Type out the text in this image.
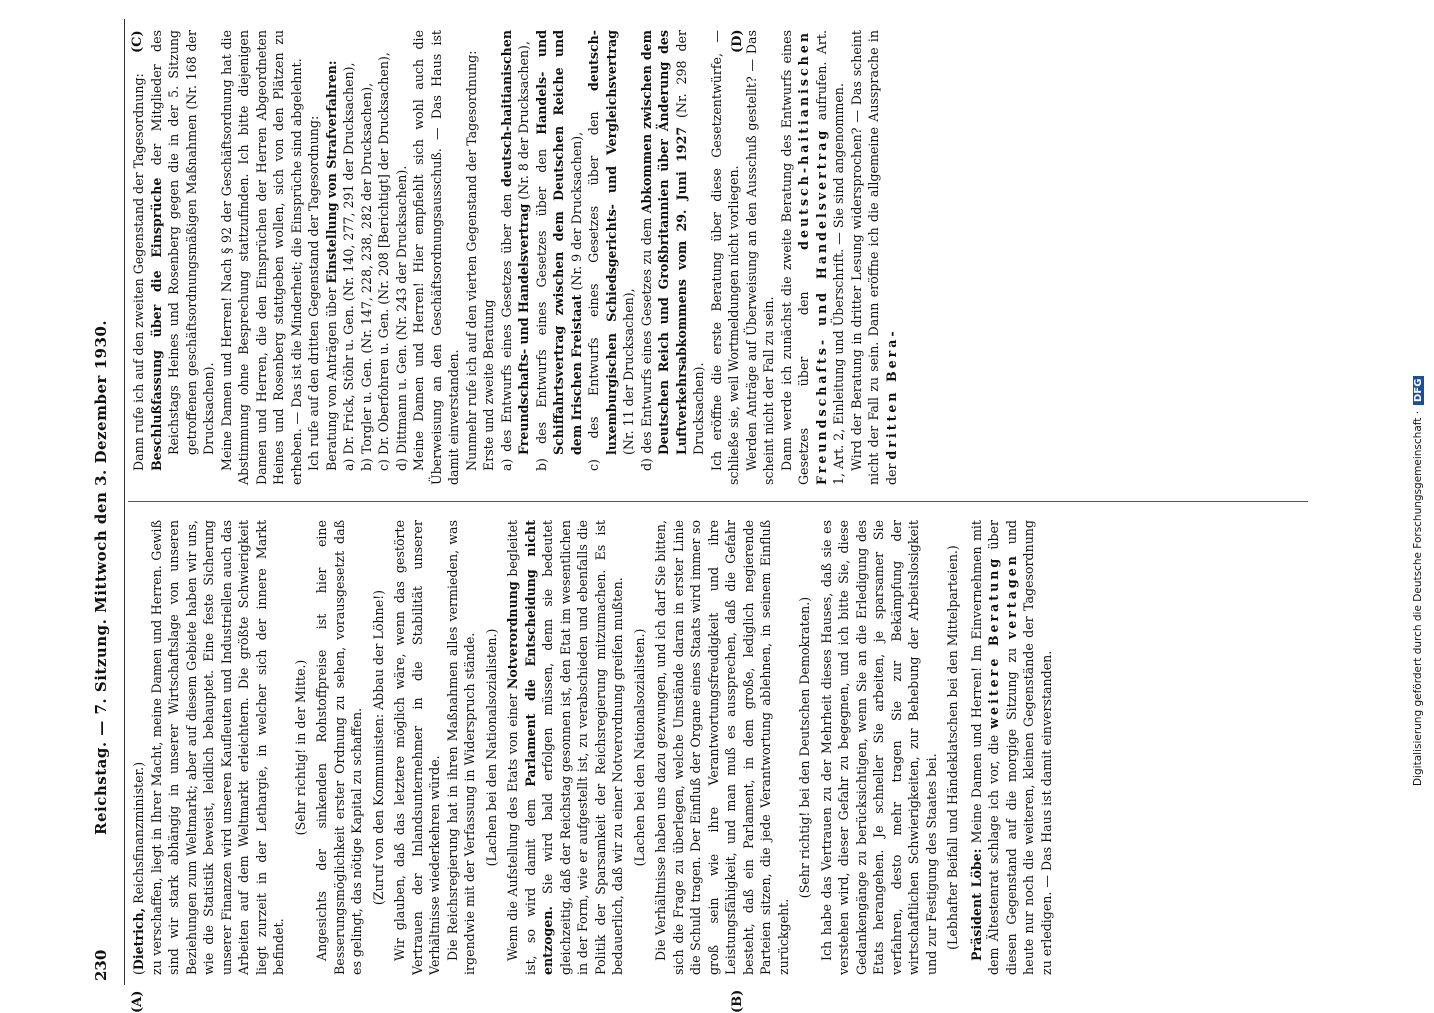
230
Reichstag. — 7. Sitzung. Mittwoch den 3. Dezember 1930.
(A)	(B)
(C)	(D)

(Dietrich, Reichsfinanzminister.) zu verschaffen, liegt in Ihrer Macht, meine Damen und Herren. Gewiß sind wir stark abhängig in unserer Wirtschaftslage von unseren Beziehungen zum Weltmarkt; aber auf diesem Gebiete haben wir uns, wie die Statistik beweist, leidlich behauptet. Eine feste Sicherung unserer Finanzen wird unseren Kaufleuten und Industriellen auch das Arbeiten auf dem Weltmarkt erleichtern. Die größte Schwierigkeit liegt zurzeit in der Lethargie, in welcher sich der innere Markt befindet.

(Sehr richtig! in der Mitte.) Angesichts der sinkenden Rohstoffpreise ist hier eine Besserungsmöglichkeit erster Ordnung zu sehen, vorausgesetzt daß es gelingt, das nötige Kapital zu schaffen. (Zuruf von den Kommunisten: Abbau der Löhne!) Wir glauben, daß das letztere möglich wäre, wenn das gestörte Vertrauen der Inlandsunternehmer in die Stabilität unserer Verhältnisse wiederkehren würde. Die Reichsregierung hat in ihren Maßnahmen alles vermieden, was irgendwie mit der Verfassung in Widerspruch stände. (Lachen bei den Nationalsozialisten.) Wenn die Aufstellung des Etats von einer Notverordnung begleitet ist, so wird damit dem Parlament die Entscheidung nicht entzogen. Sie wird bald erfolgen müssen, denn sie bedeutet gleichzeitig, daß der Reichstag gesonnen ist, den Etat im wesentlichen in der Form, wie er aufgestellt ist, zu verabschieden und ebenfalls die Politik der Sparsamkeit der Reichsregierung mitzumachen. Es ist bedauerlich, daß wir zu einer Notverordnung greifen mußten. (Lachen bei den Nationalsozialisten.) Die Verhältnisse haben uns dazu gezwungen, und ich darf Sie bitten, sich die Frage zu überlegen, welche Umstände daran in erster Linie die Schuld tragen. Der Einfluß der Organe eines Staats wird immer so groß sein wie ihre Verantwortungsfreudigkeit und ihre Leistungsfähigkeit, und man muß es aussprechen, daß die Gefahr besteht, daß ein Parlament, in dem große, lediglich negierende Parteien sitzen, die jede Verantwortung ablehnen, in seinem Einfluß zurückgeht.

(Sehr richtig! bei den Deutschen Demokraten.) Ich habe das Vertrauen zu der Mehrheit dieses Hauses, daß sie es verstehen wird, dieser Gefahr zu begegnen, und ich bitte Sie, diese Gedankengänge zu berücksichtigen, wenn Sie an die Erledigung des Etats herangehen. Je schneller Sie arbeiten, je sparsamer Sie verfahren, desto mehr tragen Sie zur Bekämpfung der wirtschaftlichen Schwierigkeiten, zur Behebung der Arbeitslosigkeit und zur Festigung des Staates bei. (Lebhafter Beifall und Händeklatschen bei den Mittelparteien.) Präsident Löbe: Meine Damen und Herren! Im Einvernehmen mit dem Ältestenrat schlage ich vor, die weitere Beratung über diesen Gegenstand auf die morgige Sitzung zu vertagen und heute nur noch die weiteren, kleinen Gegenstände der Tagesordnung zu erledigen. — Das Haus ist damit einverstanden.

Dann rufe ich auf den zweiten Gegenstand der Tagesordnung: Beschlußfassung über die Einsprüche der Mitglieder des Reichstags Heines und Rosenberg gegen die in der 5. Sitzung getroffenen geschäftsordnungsmäßigen Maßnahmen (Nr. 168 der Drucksachen). Meine Damen und Herren! Nach § 92 der Geschäftsordnung hat die Abstimmung ohne Besprechung stattzufinden. Ich bitte diejenigen Damen und Herren, die den Einsprüchen der Herren Abgeordneten Heines und Rosenberg stattgeben wollen, sich von den Plätzen zu erheben. — Das ist die Minderheit; die Einsprüche sind abgelehnt. Ich rufe auf den dritten Gegenstand der Tagesordnung: Beratung von Anträgen über Einstellung von Strafverfahren: a) Dr. Frick, Stöhr u. Gen. (Nr. 140, 277, 291 der Drucksachen), b) Torgler u. Gen. (Nr. 147, 228, 238, 282 der Drucksachen), c) Dr. Oberfohren u. Gen. (Nr. 208 [Berichtigt] der Drucksachen), d) Dittmann u. Gen. (Nr. 243 der Drucksachen). Meine Damen und Herren! Hier empfiehlt sich wohl auch die Überweisung an den Geschäftsordnungsausschuß. — Das Haus ist damit einverstanden. Nunmehr rufe ich auf den vierten Gegenstand der Tagesordnung: Erste und zweite Beratung a) des Entwurfs eines Gesetzes über den deutsch-haitianischen Freundschafts- und Handelsvertrag (Nr. 8 der Drucksachen),

b) des Entwurfs eines Gesetzes über den Handels- und Schiffahrtsvertrag zwischen dem Deutschen Reiche und dem Irischen Freistaat (Nr. 9 der Drucksachen), c) des Entwurfs eines Gesetzes über den deutsch-luxemburgischen Schiedsgerichts- und Vergleichsvertrag (Nr. 11 der Drucksachen), d) des Entwurfs eines Gesetzes zu dem Abkommen zwischen dem Deutschen Reich und Großbritannien über Änderung des Luftverkehrsabkommens vom 29. Juni 1927 (Nr. 298 der Drucksachen). Ich eröffne die erste Beratung über diese Gesetzentwürfe, — schließe sie, weil Wortmeldungen nicht vorliegen. Werden Anträge auf Überweisung an den Ausschuß gestellt? — Das scheint nicht der Fall zu sein. Dann werde ich zunächst die zweite Beratung des Entwurfs eines Gesetzes über den deutsch-haitianischen Freundschafts- und Handelsvertrag aufrufen. Art. 1, Art. 2, Einleitung und Überschrift. — Sie sind angenommen. Wird der Beratung in dritter Lesung widersprochen? — Das scheint nicht der Fall zu sein. Dann eröffne ich die allgemeine Aussprache in der dritten Bera-

Digitalisierung gefördert durch die Deutsche Forschungsgemeinschaft ·DFG
